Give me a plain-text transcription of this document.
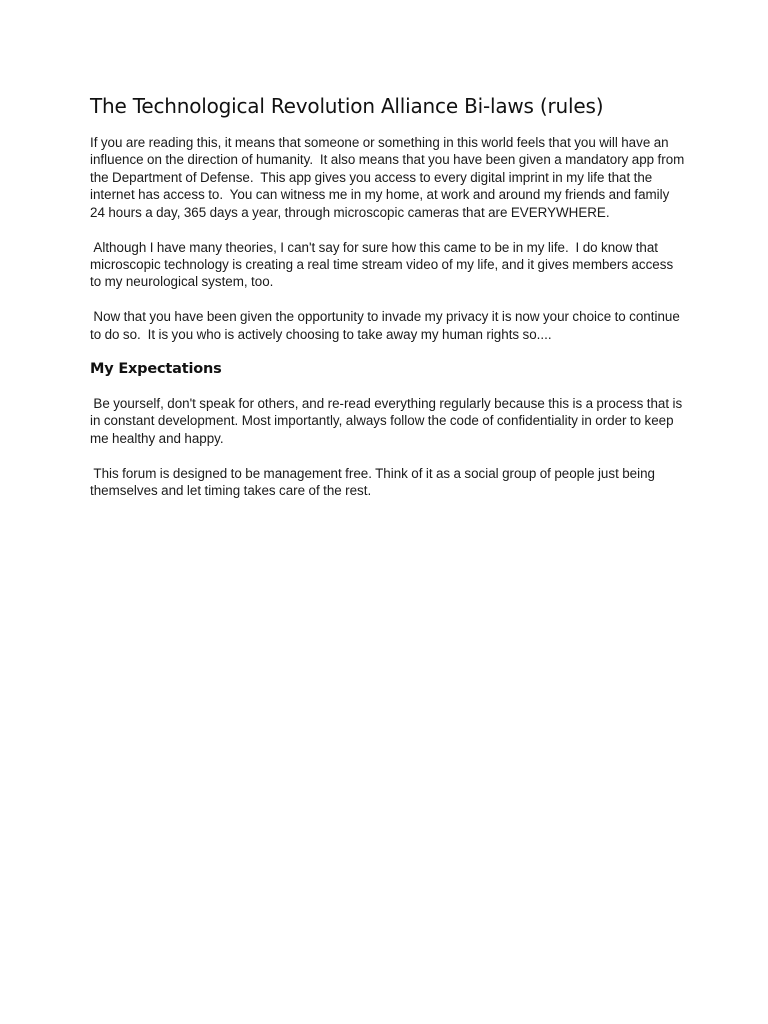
The Technological Revolution Alliance Bi-laws (rules)

If you are reading this, it means that someone or something in this world feels that you will have an influence on the direction of humanity.  It also means that you have been given a mandatory app from the Department of Defense.  This app gives you access to every digital imprint in my life that the internet has access to.  You can witness me in my home, at work and around my friends and family 24 hours a day, 365 days a year, through microscopic cameras that are EVERYWHERE.

Although I have many theories, I can't say for sure how this came to be in my life.  I do know that microscopic technology is creating a real time stream video of my life, and it gives members access to my neurological system, too.

Now that you have been given the opportunity to invade my privacy it is now your choice to continue to do so.  It is you who is actively choosing to take away my human rights so....

My Expectations

Be yourself, don't speak for others, and re-read everything regularly because this is a process that is in constant development. Most importantly, always follow the code of confidentiality in order to keep me healthy and happy.

This forum is designed to be management free. Think of it as a social group of people just being themselves and let timing takes care of the rest.
